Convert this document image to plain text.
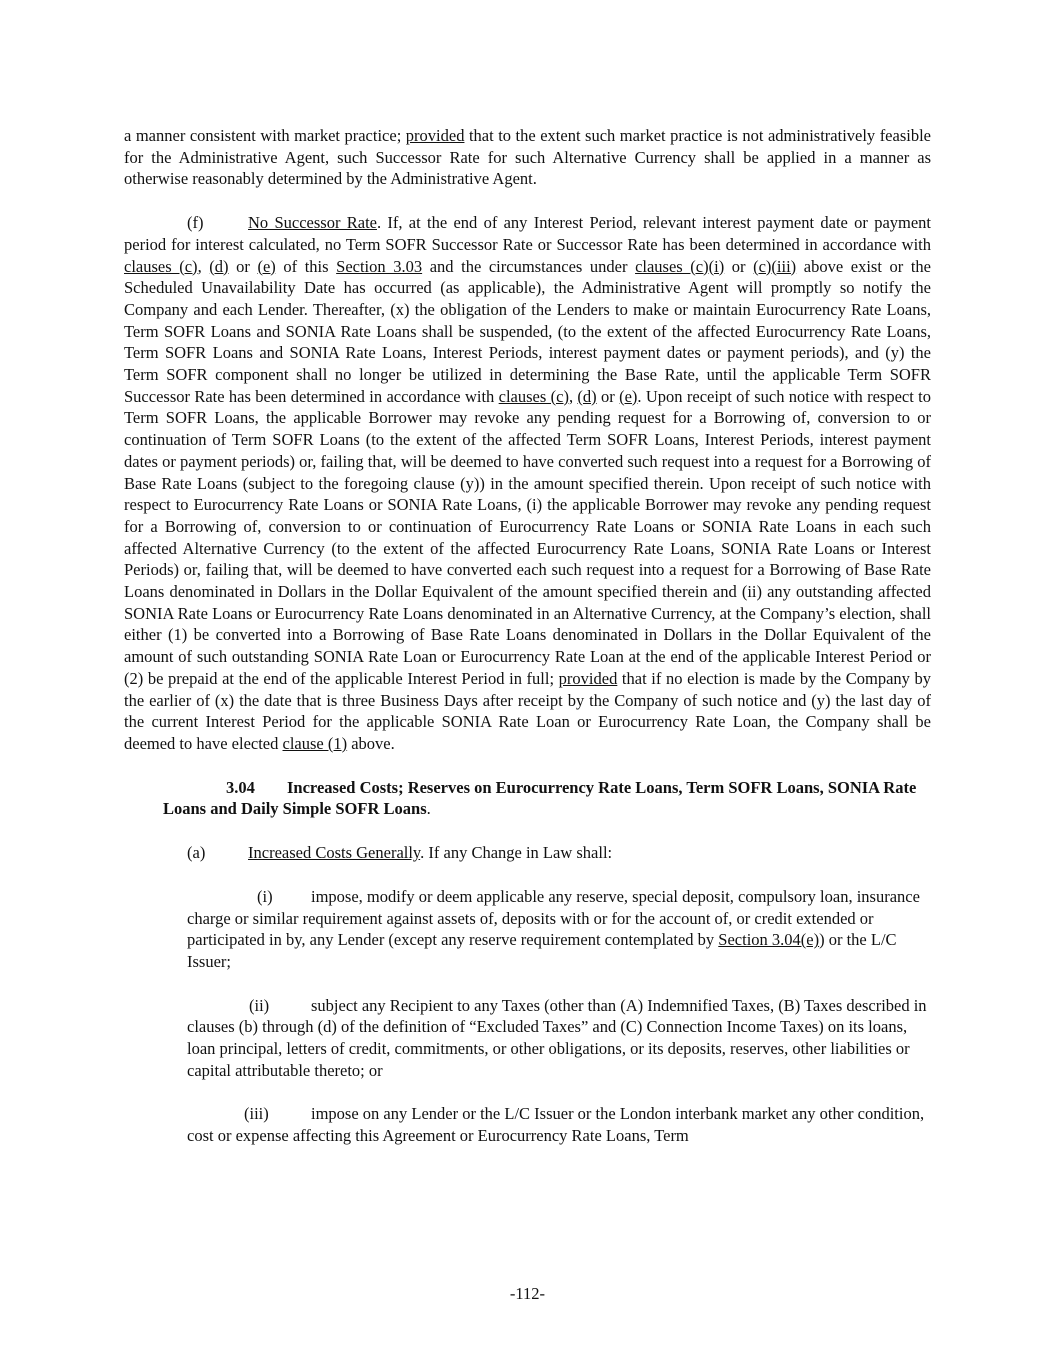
a manner consistent with market practice; provided that to the extent such market practice is not administratively feasible for the Administrative Agent, such Successor Rate for such Alternative Currency shall be applied in a manner as otherwise reasonably determined by the Administrative Agent.

(f)	No Successor Rate. If, at the end of any Interest Period, relevant interest payment date or payment period for interest calculated, no Term SOFR Successor Rate or Successor Rate has been determined in accordance with clauses (c), (d) or (e) of this Section 3.03 and the circumstances under clauses (c)(i) or (c)(iii) above exist or the Scheduled Unavailability Date has occurred (as applicable), the Administrative Agent will promptly so notify the Company and each Lender. Thereafter, (x) the obligation of the Lenders to make or maintain Eurocurrency Rate Loans, Term SOFR Loans and SONIA Rate Loans shall be suspended, (to the extent of the affected Eurocurrency Rate Loans, Term SOFR Loans and SONIA Rate Loans, Interest Periods, interest payment dates or payment periods), and (y) the Term SOFR component shall no longer be utilized in determining the Base Rate, until the applicable Term SOFR Successor Rate has been determined in accordance with clauses (c), (d) or (e). Upon receipt of such notice with respect to Term SOFR Loans, the applicable Borrower may revoke any pending request for a Borrowing of, conversion to or continuation of Term SOFR Loans (to the extent of the affected Term SOFR Loans, Interest Periods, interest payment dates or payment periods) or, failing that, will be deemed to have converted such request into a request for a Borrowing of Base Rate Loans (subject to the foregoing clause (y)) in the amount specified therein. Upon receipt of such notice with respect to Eurocurrency Rate Loans or SONIA Rate Loans, (i) the applicable Borrower may revoke any pending request for a Borrowing of, conversion to or continuation of Eurocurrency Rate Loans or SONIA Rate Loans in each such affected Alternative Currency (to the extent of the affected Eurocurrency Rate Loans, SONIA Rate Loans or Interest Periods) or, failing that, will be deemed to have converted each such request into a request for a Borrowing of Base Rate Loans denominated in Dollars in the Dollar Equivalent of the amount specified therein and (ii) any outstanding affected SONIA Rate Loans or Eurocurrency Rate Loans denominated in an Alternative Currency, at the Company’s election, shall either (1) be converted into a Borrowing of Base Rate Loans denominated in Dollars in the Dollar Equivalent of the amount of such outstanding SONIA Rate Loan or Eurocurrency Rate Loan at the end of the applicable Interest Period or (2) be prepaid at the end of the applicable Interest Period in full; provided that if no election is made by the Company by the earlier of (x) the date that is three Business Days after receipt by the Company of such notice and (y) the last day of the current Interest Period for the applicable SONIA Rate Loan or Eurocurrency Rate Loan, the Company shall be deemed to have elected clause (1) above.

3.04 Increased Costs; Reserves on Eurocurrency Rate Loans, Term SOFR Loans, SONIA Rate Loans and Daily Simple SOFR Loans.

(a)	Increased Costs Generally. If any Change in Law shall:

(i) impose, modify or deem applicable any reserve, special deposit, compulsory loan, insurance charge or similar requirement against assets of, deposits with or for the account of, or credit extended or participated in by, any Lender (except any reserve requirement contemplated by Section 3.04(e)) or the L/C Issuer;

(ii)	subject any Recipient to any Taxes (other than (A) Indemnified Taxes, (B) Taxes described in clauses (b) through (d) of the definition of “Excluded Taxes” and (C) Connection Income Taxes) on its loans, loan principal, letters of credit, commitments, or other obligations, or its deposits, reserves, other liabilities or capital attributable thereto; or

(iii)	impose on any Lender or the L/C Issuer or the London interbank market any other condition, cost or expense affecting this Agreement or Eurocurrency Rate Loans, Term

-112-
